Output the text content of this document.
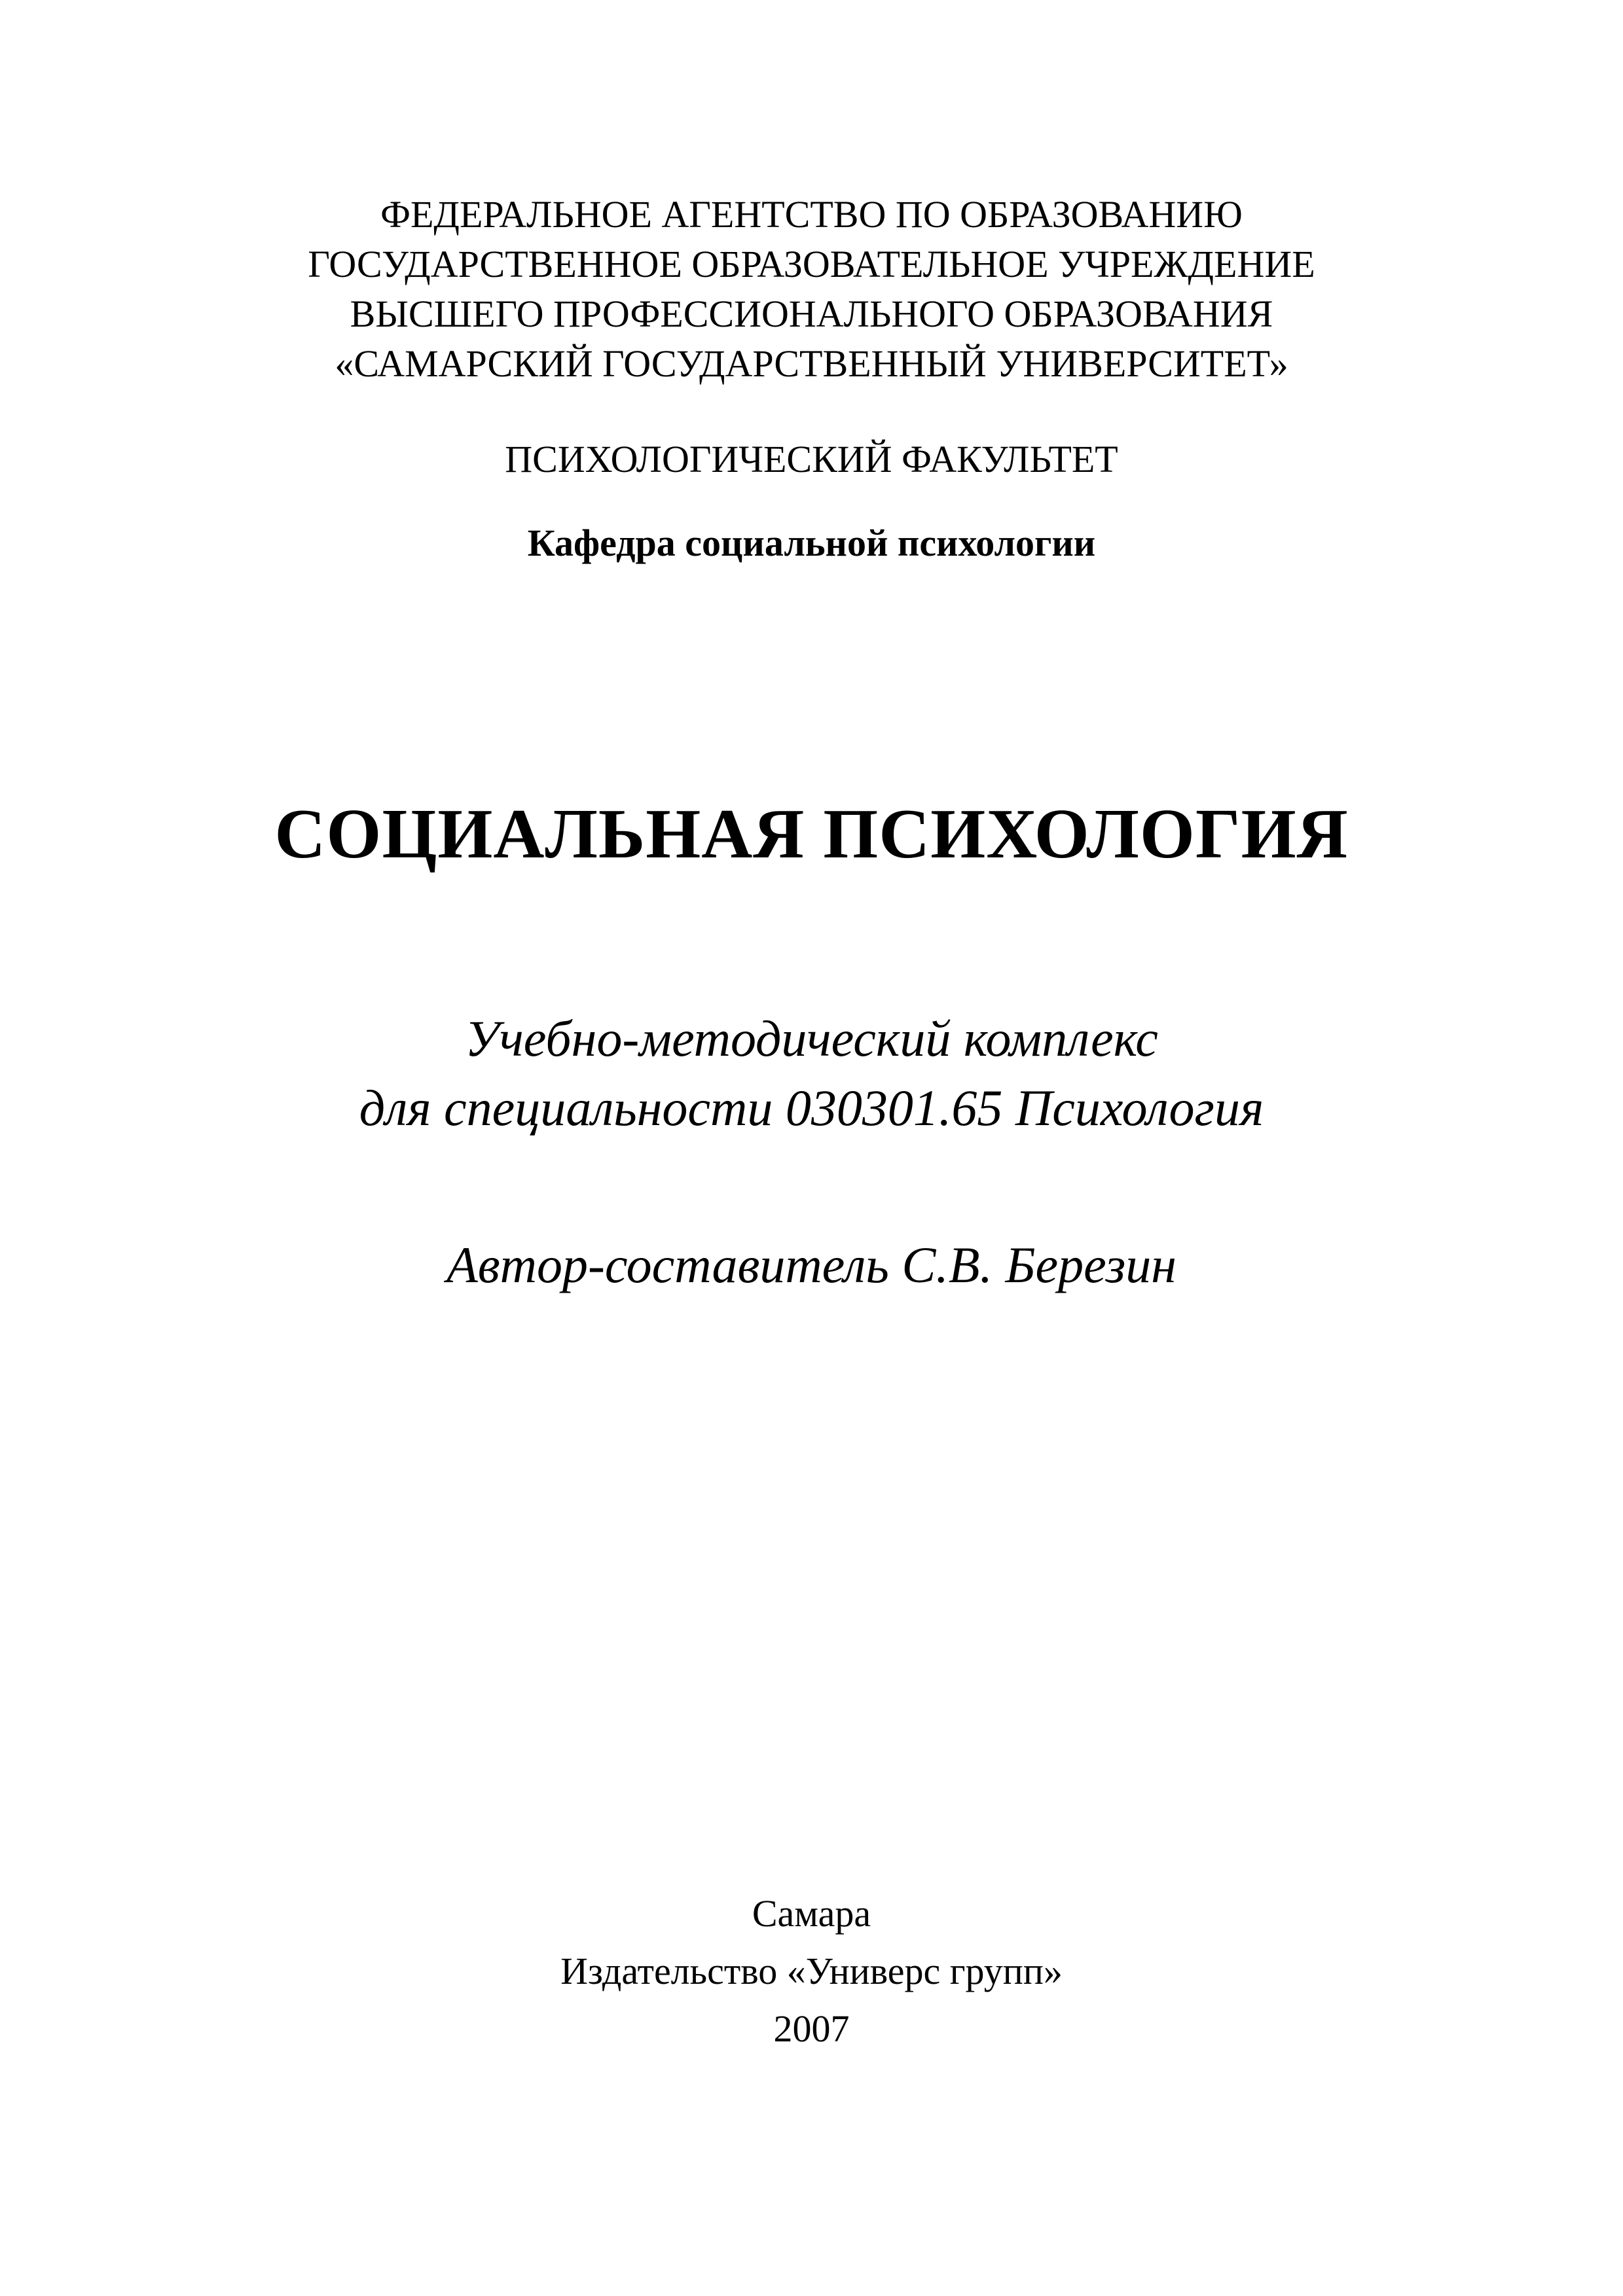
ФЕДЕРАЛЬНОЕ АГЕНТСТВО ПО ОБРАЗОВАНИЮ
ГОСУДАРСТВЕННОЕ ОБРАЗОВАТЕЛЬНОЕ УЧРЕЖДЕНИЕ
ВЫСШЕГО ПРОФЕССИОНАЛЬНОГО ОБРАЗОВАНИЯ
«САМАРСКИЙ ГОСУДАРСТВЕННЫЙ УНИВЕРСИТЕТ»
ПСИХОЛОГИЧЕСКИЙ ФАКУЛЬТЕТ
Кафедра социальной психологии
СОЦИАЛЬНАЯ ПСИХОЛОГИЯ
Учебно-методический комплекс
для специальности 030301.65 Психология
Автор-составитель С.В. Березин
Самара
Издательство «Универс групп»
2007
